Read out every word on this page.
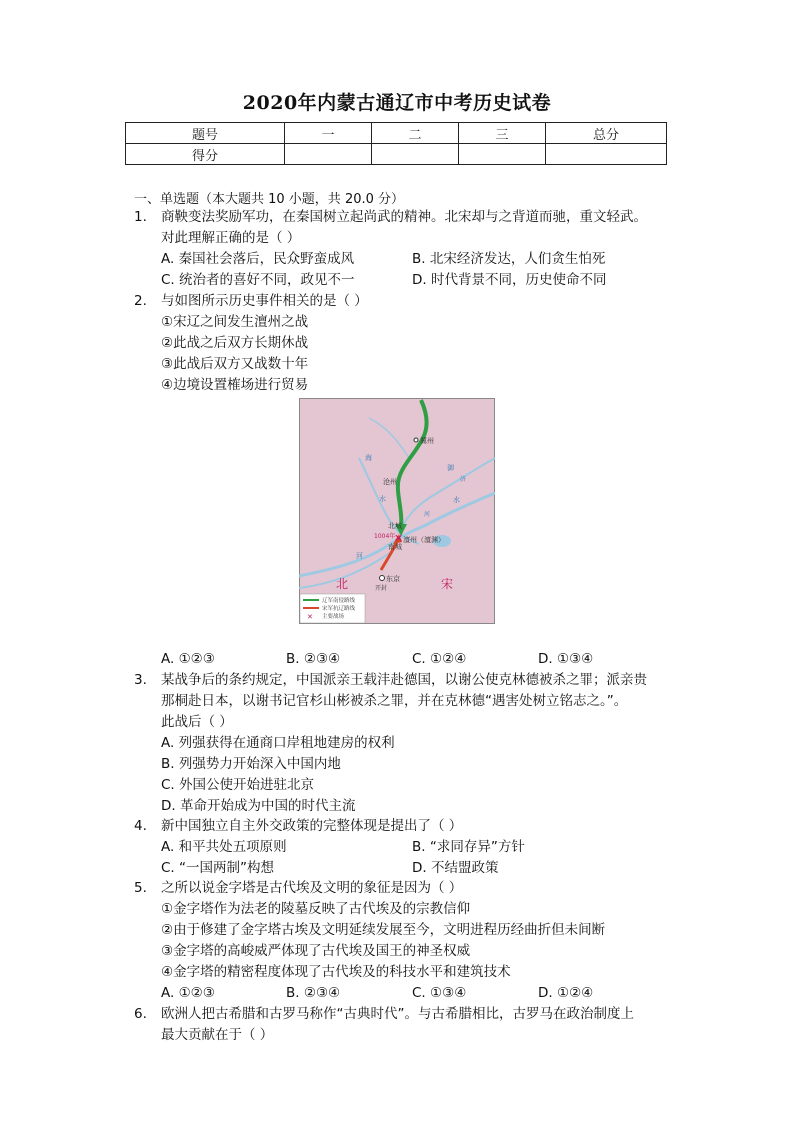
2020年内蒙古通辽市中考历史试卷
题号	一	二	三	总分
得分				
一、单选题（本大题共 10 小题，共 20.0 分）
1.	商鞅变法奖励军功，在秦国树立起尚武的精神。北宋却与之背道而驰，重文轻武。
对此理解正确的是（ ）
A. 秦国社会落后，民众野蛮成风	B. 北宋经济发达，人们贪生怕死
C. 统治者的喜好不同，政见不一	D. 时代背景不同，历史使命不同
2.	与如图所示历史事件相关的是（ ）
①宋辽之间发生澶州之战
②此战之后双方长期休战
③此战后双方又战数十年
④边境设置榷场进行贸易
✕
冀州
沧州
北城
1004年
南城
澶州（澶渊）
东京
开封
北	宋
海
河
水
御
济
水
河
辽军南侵路线
宋军抗辽路线
✕ 主要战场
A. ①②③	B. ②③④	C. ①②④	D. ①③④
3.	某战争后的条约规定，中国派亲王载沣赴德国，以谢公使克林德被杀之罪；派亲贵
那桐赴日本，以谢书记官杉山彬被杀之罪，并在克林德“遇害处树立铭志之。”。
此战后（ ）
A. 列强获得在通商口岸租地建房的权利
B. 列强势力开始深入中国内地
C. 外国公使开始进驻北京
D. 革命开始成为中国的时代主流
4.	新中国独立自主外交政策的完整体现是提出了（ ）
A. 和平共处五项原则	B. “求同存异”方针
C. “一国两制”构想	D. 不结盟政策
5.	之所以说金字塔是古代埃及文明的象征是因为（ ）
①金字塔作为法老的陵墓反映了古代埃及的宗教信仰
②由于修建了金字塔古埃及文明延续发展至今，文明进程历经曲折但未间断
③金字塔的高峻威严体现了古代埃及国王的神圣权威
④金字塔的精密程度体现了古代埃及的科技水平和建筑技术
A. ①②③	B. ②③④	C. ①③④	D. ①②④
6.	欧洲人把古希腊和古罗马称作“古典时代”。与古希腊相比，古罗马在政治制度上
最大贡献在于（ ）
